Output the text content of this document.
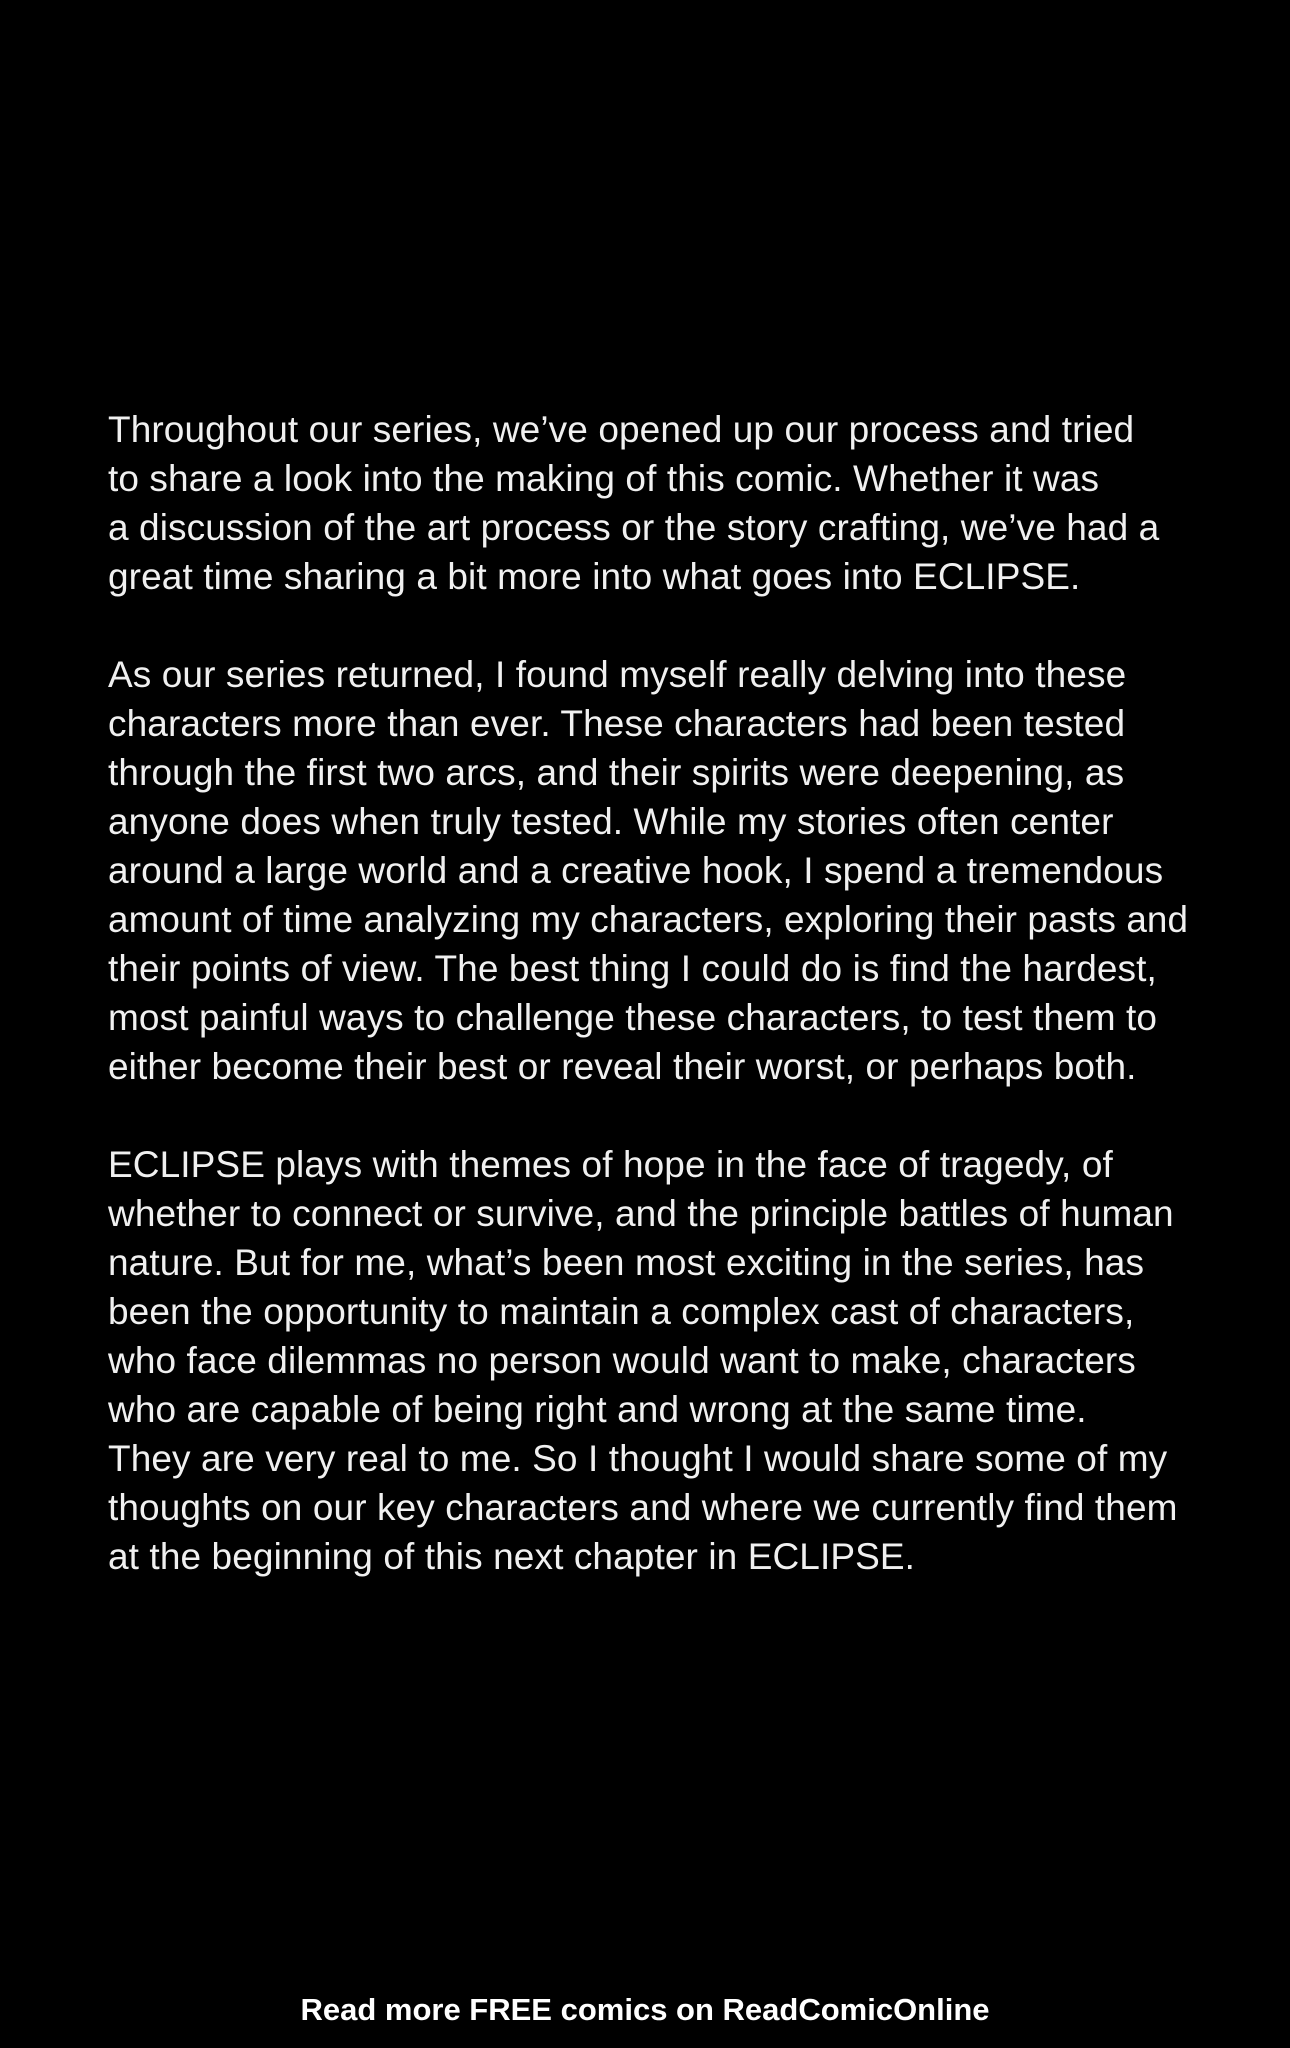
Throughout our series, we’ve opened up our process and tried
to share a look into the making of this comic. Whether it was
a discussion of the art process or the story crafting, we’ve had a
great time sharing a bit more into what goes into ECLIPSE.

As our series returned, I found myself really delving into these
characters more than ever. These characters had been tested
through the first two arcs, and their spirits were deepening, as
anyone does when truly tested. While my stories often center
around a large world and a creative hook, I spend a tremendous
amount of time analyzing my characters, exploring their pasts and
their points of view. The best thing I could do is find the hardest,
most painful ways to challenge these characters, to test them to
either become their best or reveal their worst, or perhaps both.

ECLIPSE plays with themes of hope in the face of tragedy, of
whether to connect or survive, and the principle battles of human
nature. But for me, what’s been most exciting in the series, has
been the opportunity to maintain a complex cast of characters,
who face dilemmas no person would want to make, characters
who are capable of being right and wrong at the same time.
They are very real to me. So I thought I would share some of my
thoughts on our key characters and where we currently find them
at the beginning of this next chapter in ECLIPSE.

Read more FREE comics on ReadComicOnline
